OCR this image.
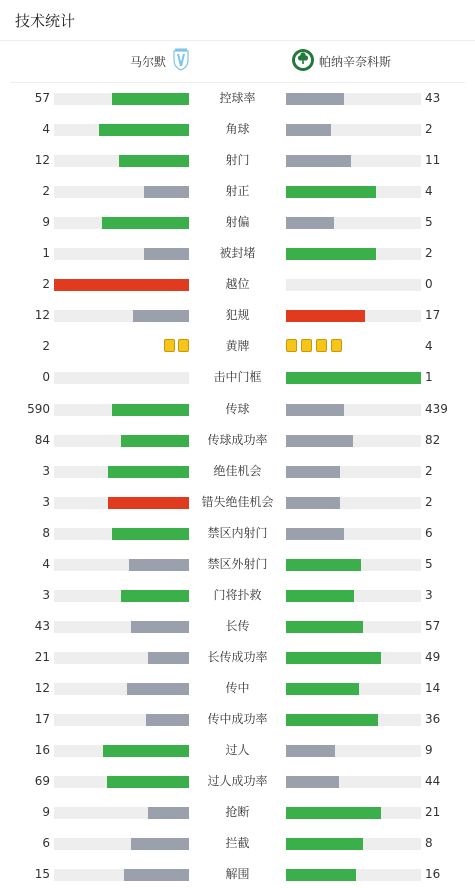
技术统计
马尔默	帕纳辛奈科斯
57	控球率	43
4	角球	2
12	射门	11
2	射正	4
9	射偏	5
1	被封堵	2
2	越位	0
12	犯规	17
2	黄牌	4
0	击中门框	1
590	传球	439
84	传球成功率	82
3	绝佳机会	2
3	错失绝佳机会	2
8	禁区内射门	6
4	禁区外射门	5
3	门将扑救	3
43	长传	57
21	长传成功率	49
12	传中	14
17	传中成功率	36
16	过人	9
69	过人成功率	44
9	抢断	21
6	拦截	8
15	解围	16
